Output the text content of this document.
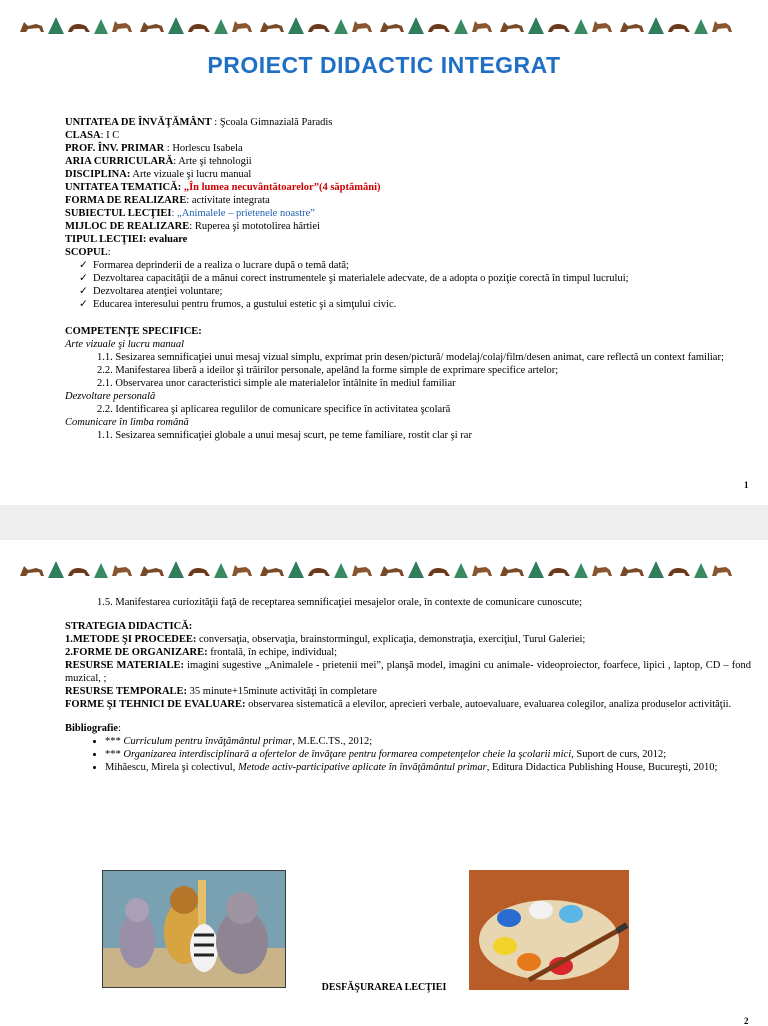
PROIECT DIDACTIC INTEGRAT
UNITATEA DE ÎNVĂŢĂMÂNT : Şcoala Gimnazială Paradis
CLASA: I C
PROF. ÎNV. PRIMAR : Horlescu Isabela
ARIA CURRICULARĂ: Arte şi tehnologii
DISCIPLINA: Arte vizuale şi lucru manual
UNITATEA TEMATICĂ: „În lumea necuvântătoarelor”(4 săptămâni)
FORMA DE REALIZARE: activitate integrata
SUBIECTUL LECŢIEI: „Animalele – prietenele noastre”
MIJLOC DE REALIZARE: Ruperea şi mototolirea hârtiei
TIPUL LECŢIEI: evaluare
SCOPUL:
✓ Formarea deprinderii de a realiza o lucrare după o temă dată;
✓ Dezvoltarea capacităţii de a mânui corect instrumentele şi materialele adecvate, de a adopta o poziţie corectă în timpul lucrului;
✓ Dezvoltarea atenţiei voluntare;
✓ Educarea interesului pentru frumos, a gustului estetic şi a simţului civic.
COMPETENŢE SPECIFICE:
Arte vizuale şi lucru manual
1.1. Sesizarea semnificaţiei unui mesaj vizual simplu, exprimat prin desen/pictură/ modelaj/colaj/film/desen animat, care reflectă un context familiar;
2.2. Manifestarea liberă a ideilor şi trăirilor personale, apelând la forme simple de exprimare specifice artelor;
2.1. Observarea unor caracteristici simple ale materialelor întâlnite în mediul familiar
Dezvoltare personală
2.2. Identificarea şi aplicarea regulilor de comunicare specifice în activitatea şcolară
Comunicare în limba română
1.1. Sesizarea semnificaţiei globale a unui mesaj scurt, pe teme familiare, rostit clar şi rar
1
1.5. Manifestarea curiozităţii faţă de receptarea semnificaţiei mesajelor orale, în contexte de comunicare cunoscute;
STRATEGIA DIDACTICĂ:
1.METODE ŞI PROCEDEE: conversaţia, observaţia, brainstormingul, explicaţia, demonstraţia, exerciţiul, Turul Galeriei;
2.FORME DE ORGANIZARE: frontală, în echipe, individual;
RESURSE MATERIALE: imagini sugestive „Animalele - prietenii mei”, planşă model, imagini cu animale- videoproiector, foarfece, lipici , laptop, CD – fond muzical, ;
RESURSE TEMPORALE: 35 minute+15minute activităţi în completare
FORME ŞI TEHNICI DE EVALUARE: observarea sistematică a elevilor, aprecieri verbale, autoevaluare, evaluarea colegilor, analiza produselor activităţii.
Bibliografie:
• *** Curriculum pentru învăţământul primar, M.E.C.TS., 2012;
• *** Organizarea interdisciplinară a ofertelor de învăţare pentru formarea competenţelor cheie la şcolarii mici, Suport de curs, 2012;
• Mihăescu, Mirela şi colectivul, Metode activ-participative aplicate în învăţământul primar, Editura Didactica Publishing House, Bucureşti, 2010;
DESFĂŞURAREA LECŢIEI
2
